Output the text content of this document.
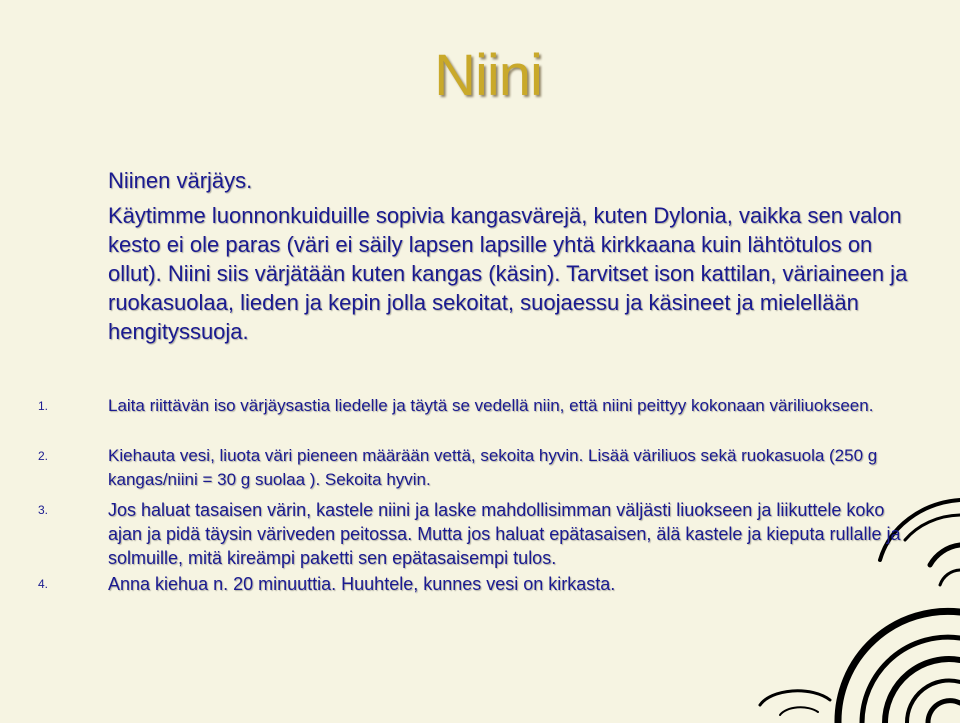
Niini
Niinen värjäys.
Käytimme luonnonkuiduille sopivia kangasvärejä, kuten Dylonia, vaikka sen valon kesto ei ole paras (väri ei säily lapsen lapsille yhtä kirkkaana kuin lähtötulos on ollut). Niini siis värjätään kuten kangas (käsin). Tarvitset ison kattilan, väriaineen ja ruokasuolaa, lieden ja kepin jolla sekoitat, suojaessu ja käsineet ja mielellään hengityssuoja.
1.	Laita riittävän iso värjäysastia liedelle ja täytä se vedellä niin, että niini peittyy kokonaan väriliuokseen.
2.	Kiehauta vesi, liuota väri pieneen määrään vettä, sekoita hyvin. Lisää väriliuos sekä ruokasuola (250 g kangas/niini = 30 g suolaa ). Sekoita hyvin.
3.	Jos haluat tasaisen värin, kastele niini ja laske mahdollisimman väljästi liuokseen ja liikuttele koko ajan ja pidä täysin väriveden peitossa. Mutta jos haluat epätasaisen, älä kastele ja kieputa rullalle ja solmuille, mitä kireämpi paketti sen epätasaisempi tulos.
4.	Anna kiehua n. 20 minuuttia. Huuhtele, kunnes vesi on kirkasta.
